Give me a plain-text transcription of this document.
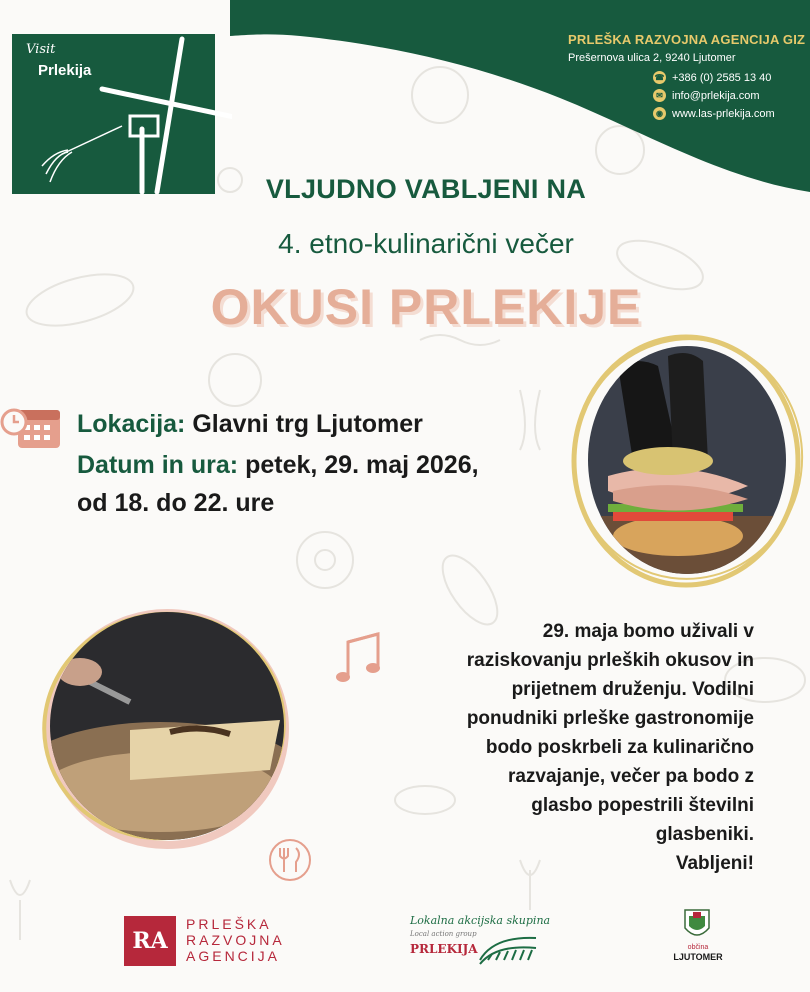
Visit
Prlekija
PRLEŠKA RAZVOJNA AGENCIJA GIZ
Prešernova ulica 2, 9240 Ljutomer
☎ +386 (0) 2585 13 40
✉ info@prlekija.com
◉ www.las-prlekija.com
VLJUDNO VABLJENI NA
4. etno-kulinarični večer
OKUSI PRLEKIJE
Lokacija: Glavni trg Ljutomer
Datum in ura: petek, 29. maj 2026,
od 18. do 22. ure
29. maja bomo uživali v
raziskovanju prleških okusov in
prijetnem druženju. Vodilni
ponudniki prleške gastronomije
bodo poskrbeli za kulinarično
razvajanje, večer pa bodo z
glasbo popestrili številni
glasbeniki.
Vabljeni!
RA
PRLEŠKA
RAZVOJNA
AGENCIJA
Lokalna akcijska skupina
Local action group
PRLEKIJA	občina
LJUTOMER
